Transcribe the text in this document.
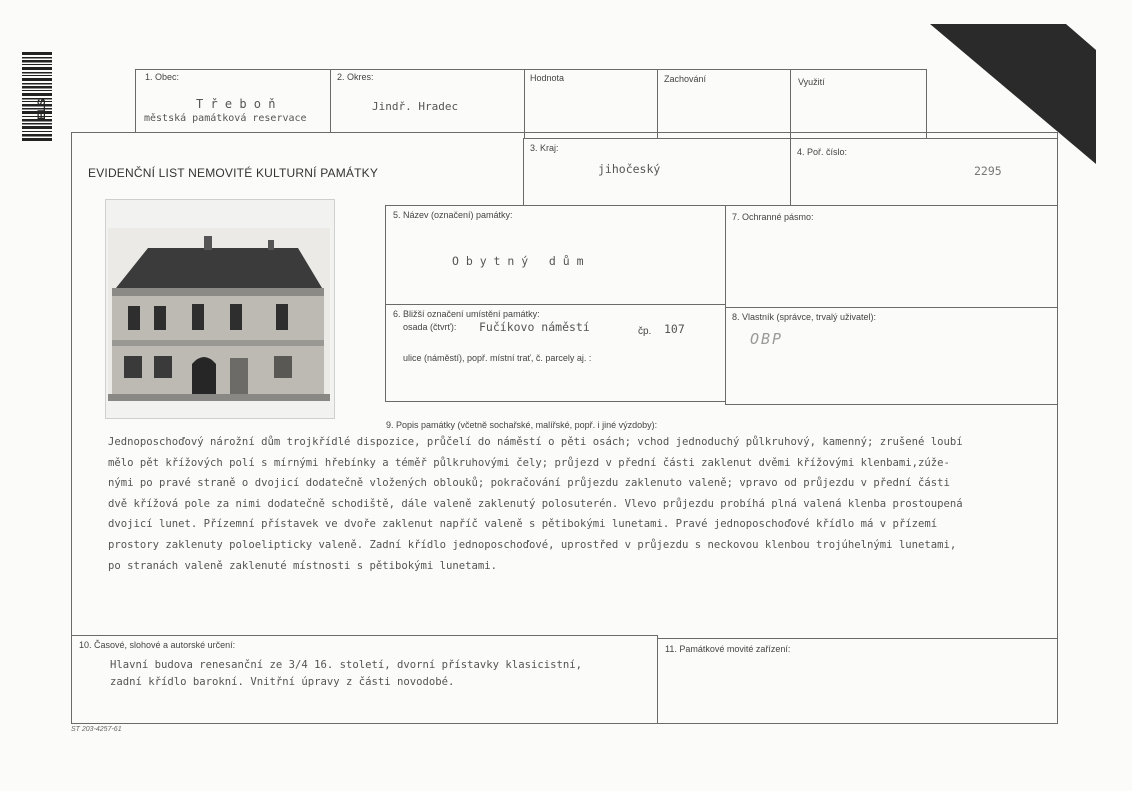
ELS
1. Obec:
T ř e b o ň
městská památková reservace
2. Okres:
Jindř. Hradec
Hodnota	Zachování	Využití
EVIDENČNÍ LIST NEMOVITÉ KULTURNÍ PAMÁTKY
3. Kraj:
jihočeský
4. Poř. číslo:
2295
5. Název (označení) památky:
O b y t n ý   d ů m
7. Ochranné pásmo:
6. Bližší označení umístění památky:
osada (čtvrť): Fučíkovo náměstí	čp. 107
ulice (náměstí), popř. místní trať, č. parcely aj. :
8. Vlastník (správce, trvalý uživatel):
OBP
9. Popis památky (včetně sochařské, malířské, popř. i jiné výzdoby):
Jednoposchoďový nárožní dům trojkřídlé dispozice, průčelí do náměstí o pěti osách; vchod jednoduchý půlkruhový, kamenný; zrušené loubí
mělo pět křížových polí s mírnými hřebínky a téměř půlkruhovými čely; průjezd v přední části zaklenut dvěmi křížovými klenbami,zúže-
nými po pravé straně o dvojicí dodatečně vložených oblouků; pokračování průjezdu zaklenuto valeně; vpravo od průjezdu v přední části
dvě křížová pole za nimi dodatečně schodiště, dále valeně zaklenutý polosuterén. Vlevo průjezdu probíhá plná valená klenba prostoupená
dvojicí lunet. Přízemní přístavek ve dvoře zaklenut napříč valeně s pětibokými lunetami. Pravé jednoposchoďové křídlo má v přízemí
prostory zaklenuty poloelipticky valeně. Zadní křídlo jednoposchoďové, uprostřed v průjezdu s neckovou klenbou trojúhelnými lunetami,
po stranách valeně zaklenuté místnosti s pětibokými lunetami.
10. Časové, slohové a autorské určení:
Hlavní budova renesanční ze 3/4 16. století, dvorní přístavky klasicistní,
zadní křídlo barokní. Vnitřní úpravy z části novodobé.
11. Památkové movité zařízení:
ST 203-4257-61
